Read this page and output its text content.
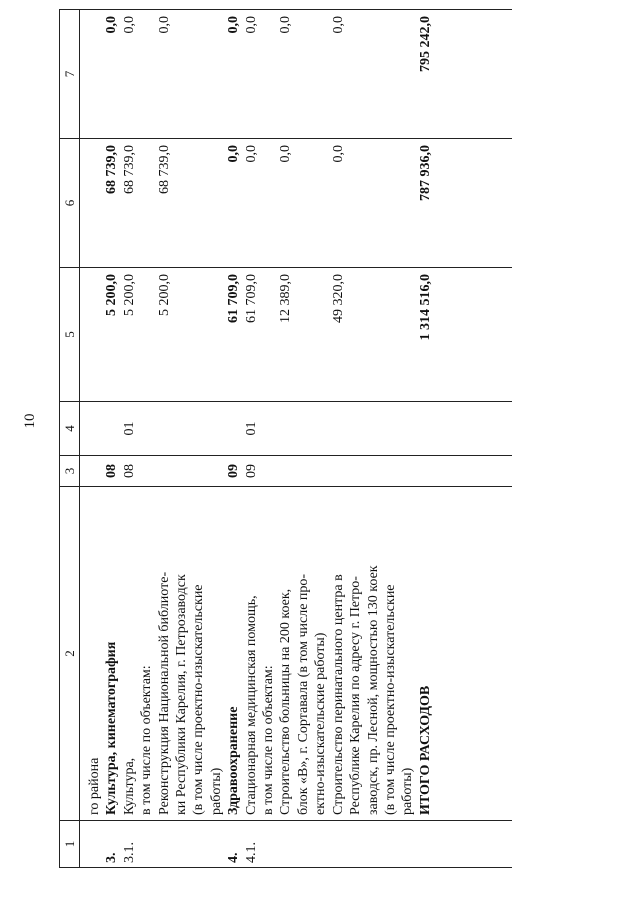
10
1	2	3	4	5	6	7

	го района					

3.	Культура, кинематография	08		5 200,0	68 739,0	0,0
3.1.	Культура,	08	01	5 200,0	68 739,0	0,0

	в том числе по объектам:					

	Реконструкция Национальной библиоте- ки Республики Карелия, г. Петрозаводск (в том числе проектно-изыскательские работы)			5 200,0	68 739,0	0,0
4.	Здравоохранение	09		61 709,0	0,0	0,0
4.1.	Стационарная медицинская помощь,	09	01	61 709,0	0,0	0,0

	в том числе по объектам:					

	Строительство больницы на 200 коек, блок «В», г. Сортавала (в том числе про- ектно-изыскательские работы)			12 389,0	0,0	0,0

	Строительство перинатального центра в Республике Карелия по адресу г. Петро- заводск, пр. Лесной, мощностью 130 коек (в том числе проектно-изыскательские работы)			49 320,0	0,0	0,0

	ИТОГО РАСХОДОВ			1 314 516,0	787 936,0	795 242,0
